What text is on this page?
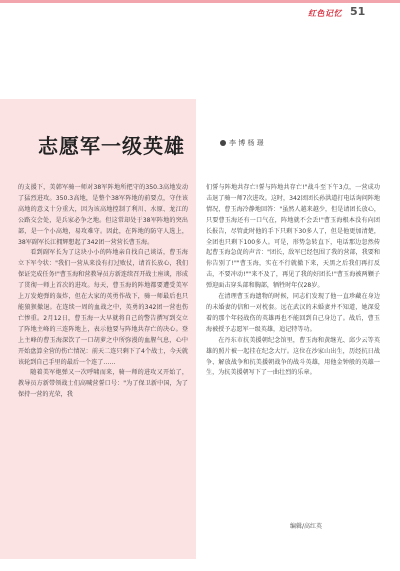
红色记忆 51
志愿军一级英雄	李 博 杨 璟

的支援下，美韩军骑一师对38军阵地所把守的350.3高地发动了猛烈进攻。350.3高地，是整个38军阵地的前要点，守住该高地的意义十分重大，因为该高地控制了利川、水原、龙江的公路交会处，是兵家必争之地。但这常却处于38军阵地的突出部，是一个小高地，易攻难守。因此，在阵地的防守人选上，38军副军长江拥辉想起了342团一营营长曹玉海。

看到副军长为了这块小小的阵地亲自找自己谈话，曹玉海立下军令状："我们一营从来没有打过败仗，请首长放心，我们保证完成任务!"曹玉海和营教导员方新连续召开战士座谈，形成了贯彻一师上首次的进攻。每天，曹玉海的阵地都要遭受美军上万发炮弹的轰炸，但在大家的英勇作战下，骑一师最后也只能狼狈撤退。在连续一周的血战之中，英勇的342团一营也伤亡惨重。2月12日，曹玉海一大早就将自己的警告撰写到交立了阵地主峰的三连阵地上，表示他要与阵地共存亡的决心。登上主峰的曹玉海深饮了一口胡萝之中所弥漫的血腥气息，心中开始盘算全营的伤亡情况：前天二连只剩下了4个战士，今天就该轮到自己手里的最后一个连了……

随着美军炮弹又一次呼啸而来，骑一师的进攻又开始了，教导员方新带领战士们高喊营誓口号："为了保卫新中国，为了保持一营的光荣，我

们誓与阵地共存亡!誓与阵地共存亡!"战斗至下午3点，一营成功击退了骑一师7次进攻。这时，342团团长孙洪道打电话询问阵地情况，曹玉海冷静地回答："虽然人越来越少，但是请团长放心，只要曹玉海还有一口气在，阵地就不会丢!"曹玉海根本没有向团长报告，尽管此时他的手下只剩下30多人了，但是他更加清楚，全团也只剩下100多人。可是，形势急转直下，电话那边忽然传起曹玉海急促的声音："团长，敌军已经包围了我的营部，我要和你告别了!""曹玉海，实在不行就撤下来，天黑之后我们再打反击，不要冲动!""来不及了，再见了我的好团长!"曹玉海被两颗子弹迎面击穿头部和胸部，牺牲时年仅28岁。

在清理曹玉海遗物的时候，同志们发现了他一直珍藏在身边的未婚妻的信和一对枕套。远在武汉的未婚妻并不知道，她深爱着的那个年轻战伤的英雄再也不能回到自己身边了。战后，曹玉海被授予志愿军一级英雄，追记特等功。

在丹东市抗美援朝纪念馆里，曹玉海和黄继光、邱少云等英雄的照片被一起挂在纪念大厅。这位在沙家山出生，历经抗日战争、解放战争和抗美援朝战争的战斗英雄，用他金钟般的英雄一生，为抗美援朝写下了一曲壮烈的乐章。

编辑/高红英
